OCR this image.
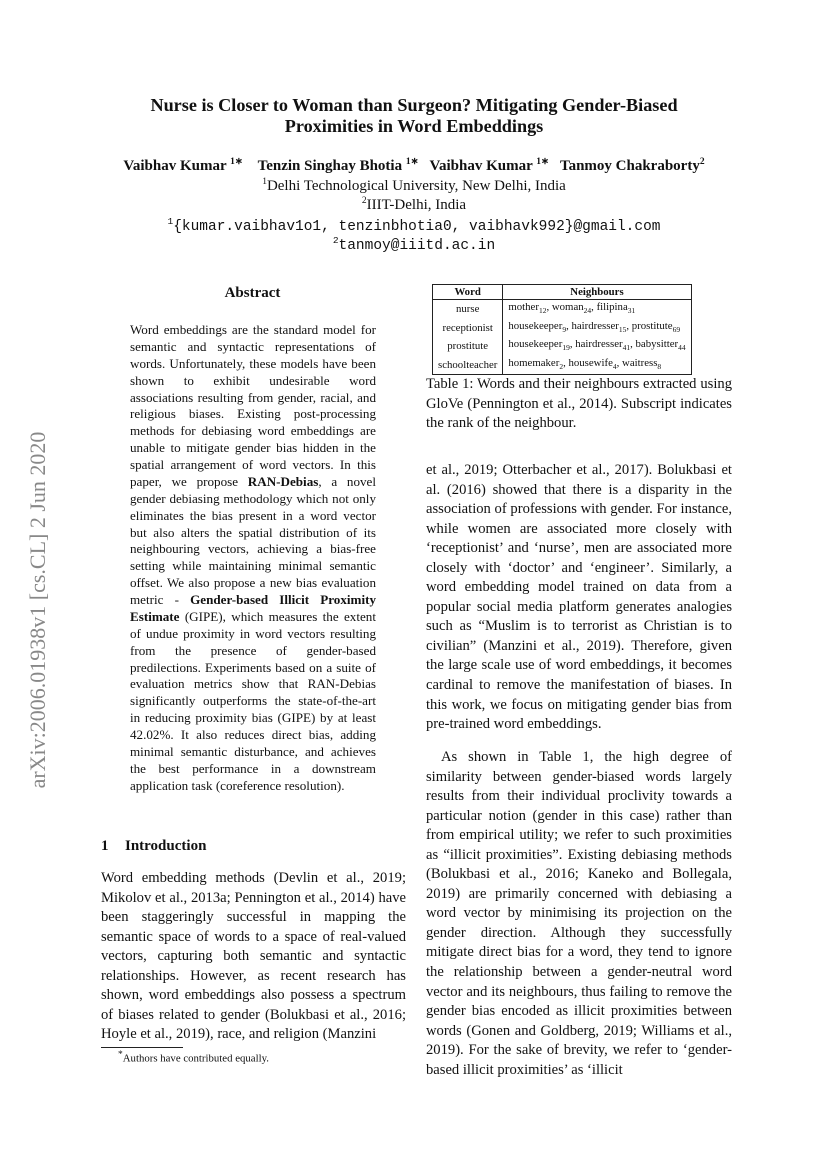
arXiv:2006.01938v1 [cs.CL] 2 Jun 2020
Nurse is Closer to Woman than Surgeon? Mitigating Gender-Biased
Proximities in Word Embeddings
Vaibhav Kumar $^{1∗}$ Tenzin Singhay Bhotia $^{1∗}$ Vaibhav Kumar $^{1∗}$ Tanmoy Chakraborty$^2$
$^1$Delhi Technological University, New Delhi, India
$^2$IIIT-Delhi, India
$^1${kumar.vaibhav1o1, tenzinbhotia0, vaibhavk992}@gmail.com
$^2$tanmoy@iiitd.ac.in
Abstract
Word embeddings are the standard model for semantic and syntactic representations of words. Unfortunately, these models have been shown to exhibit undesirable word associations resulting from gender, racial, and religious biases. Existing post-processing methods for debiasing word embeddings are unable to mitigate gender bias hidden in the spatial arrangement of word vectors. In this paper, we propose RAN-Debias, a novel gender debiasing methodology which not only eliminates the bias present in a word vector but also alters the spatial distribution of its neighbouring vectors, achieving a bias-free setting while maintaining minimal semantic offset. We also propose a new bias evaluation metric - Gender-based Illicit Proximity Estimate (GIPE), which measures the extent of undue proximity in word vectors resulting from the presence of gender-based predilections. Experiments based on a suite of evaluation metrics show that RAN-Debias significantly outperforms the state-of-the-art in reducing proximity bias (GIPE) by at least 42.02%. It also reduces direct bias, adding minimal semantic disturbance, and achieves the best performance in a downstream application task (coreference resolution).
1 Introduction

Word embedding methods (Devlin et al., 2019; Mikolov et al., 2013a; Pennington et al., 2014) have been staggeringly successful in mapping the semantic space of words to a space of real-valued vectors, capturing both semantic and syntactic relationships. However, as recent research has shown, word embeddings also possess a spectrum of biases related to gender (Bolukbasi et al., 2016; Hoyle et al., 2019), race, and religion (Manzini

*Authors have contributed equally.
Word	Neighbours
nurse	mother$_{12}$, woman$_{24}$, filipina$_{31}$
receptionist	housekeeper$_9$, hairdresser$_{15}$, prostitute$_{69}$
prostitute	housekeeper$_{19}$, hairdresser$_{41}$, babysitter$_{44}$
schoolteacher	homemaker$_2$, housewife$_4$, waitress$_8$
Table 1: Words and their neighbours extracted using GloVe (Pennington et al., 2014). Subscript indicates the rank of the neighbour.

et al., 2019; Otterbacher et al., 2017). Bolukbasi et al. (2016) showed that there is a disparity in the association of professions with gender. For instance, while women are associated more closely with ‘receptionist’ and ‘nurse’, men are associated more closely with ‘doctor’ and ‘engineer’. Similarly, a word embedding model trained on data from a popular social media platform generates analogies such as “Muslim is to terrorist as Christian is to civilian” (Manzini et al., 2019). Therefore, given the large scale use of word embeddings, it becomes cardinal to remove the manifestation of biases. In this work, we focus on mitigating gender bias from pre-trained word embeddings.

As shown in Table 1, the high degree of similarity between gender-biased words largely results from their individual proclivity towards a particular notion (gender in this case) rather than from empirical utility; we refer to such proximities as “illicit proximities”. Existing debiasing methods (Bolukbasi et al., 2016; Kaneko and Bollegala, 2019) are primarily concerned with debiasing a word vector by minimising its projection on the gender direction. Although they successfully mitigate direct bias for a word, they tend to ignore the relationship between a gender-neutral word vector and its neighbours, thus failing to remove the gender bias encoded as illicit proximities between words (Gonen and Goldberg, 2019; Williams et al., 2019). For the sake of brevity, we refer to ‘gender-based illicit proximities’ as ‘illicit
